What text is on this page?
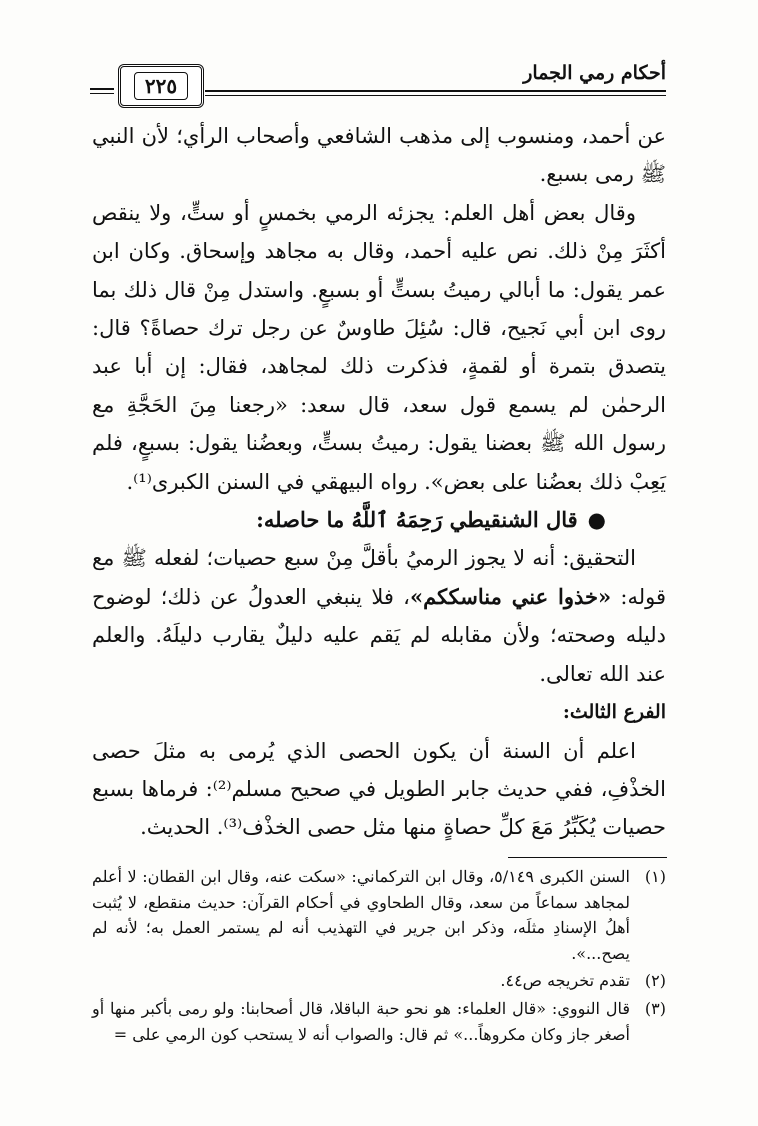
أحكام رمي الجمار
٢٢٥

عن أحمد، ومنسوب إلى مذهب الشافعي وأصحاب الرأي؛ لأن النبي ﷺ رمى بسبع.

وقال بعض أهل العلم: يجزئه الرمي بخمسٍ أو ستٍّ، ولا ينقص أكثَرَ مِنْ ذلك. نص عليه أحمد، وقال به مجاهد وإسحاق. وكان ابن عمر يقول: ما أبالي رميتُ بستٍّ أو بسبعٍ. واستدل مِنْ قال ذلك بما روى ابن أبي نَجيح، قال: سُئِلَ طاوسٌ عن رجل ترك حصاةً؟ قال: يتصدق بتمرة أو لقمةٍ، فذكرت ذلك لمجاهد، فقال: إن أبا عبد الرحمٰن لم يسمع قول سعد، قال سعد: «رجعنا مِنَ الحَجَّةِ مع رسول الله ﷺ بعضنا يقول: رميتُ بستٍّ، وبعضُنا يقول: بسبعٍ، فلم يَعِبْ ذلك بعضُنا على بعض». رواه البيهقي في السنن الكبرى⁽¹⁾.

●قال الشنقيطي رَحِمَهُ ٱللَّهُ ما حاصله:

التحقيق: أنه لا يجوز الرميُ بأقلَّ مِنْ سبع حصيات؛ لفعله ﷺ مع قوله: «خذوا عني مناسككم»، فلا ينبغي العدولُ عن ذلك؛ لوضوح دليله وصحته؛ ولأن مقابله لم يَقم عليه دليلٌ يقارب دليلَهُ. والعلم عند الله تعالى.

الفرع الثالث:

اعلم أن السنة أن يكون الحصى الذي يُرمى به مثلَ حصى الخذْفِ، ففي حديث جابر الطويل في صحيح مسلم⁽²⁾: فرماها بسبع حصيات يُكَبِّرُ مَعَ كلِّ حصاةٍ منها مثل حصى الخذْف⁽³⁾. الحديث.

(١)
السنن الكبرى ٥/١٤٩، وقال ابن التركماني: «سكت عنه، وقال ابن القطان: لا أعلم لمجاهد سماعاً من سعد، وقال الطحاوي في أحكام القرآن: حديث منقطع، لا يُثبت أهلُ الإسنادِ مثلَه، وذكر ابن جرير في التهذيب أنه لم يستمر العمل به؛ لأنه لم يصح...».
(٢)
تقدم تخريجه ص٤٤.
(٣)
قال النووي: «قال العلماء: هو نحو حبة الباقلا، قال أصحابنا: ولو رمى بأكبر منها أو أصغر جاز وكان مكروهاً...» ثم قال: والصواب أنه لا يستحب كون الرمي على =
